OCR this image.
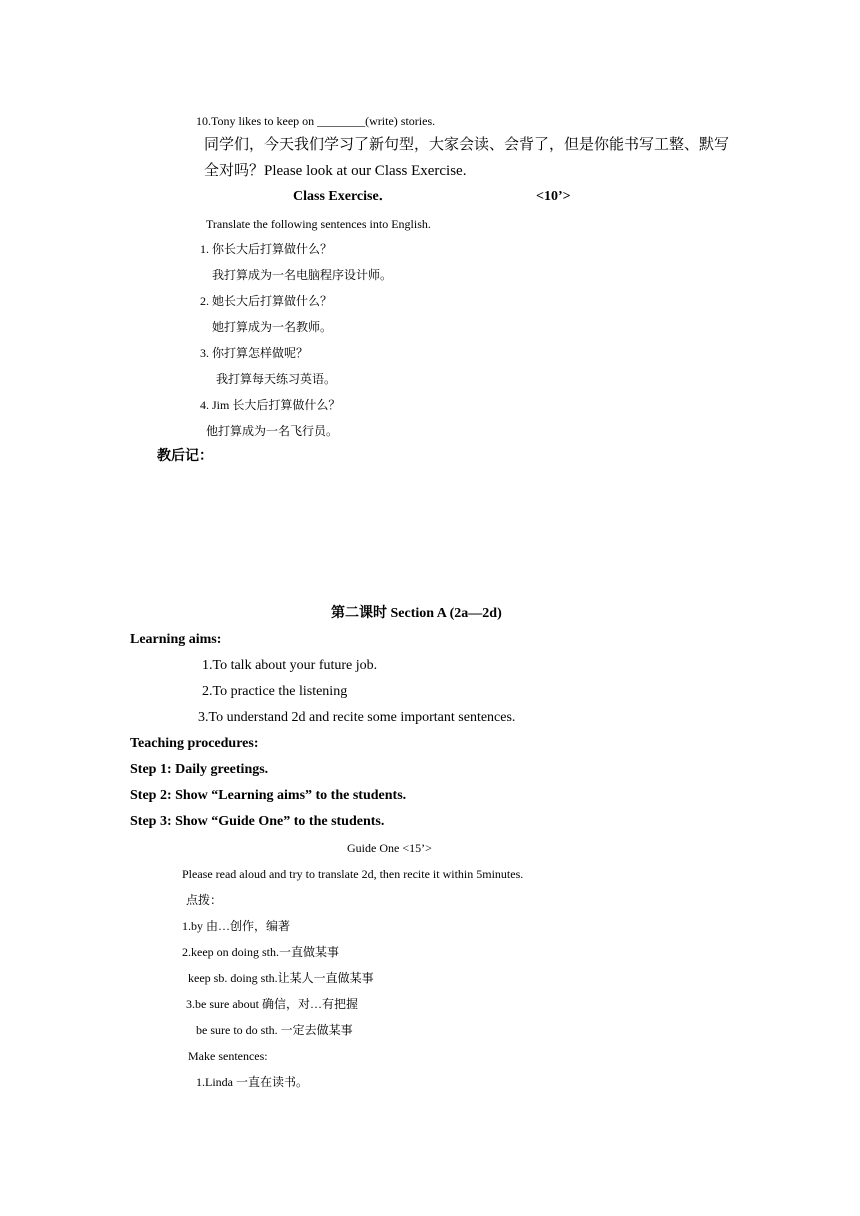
10.Tony likes to keep on ________(write) stories.
同学们，今天我们学习了新句型，大家会读、会背了，但是你能书写工整、默写
全对吗？Please look at our Class Exercise.
Class Exercise．	<10’>
Translate the following sentences into English.
1. 你长大后打算做什么？
我打算成为一名电脑程序设计师。
2. 她长大后打算做什么？
她打算成为一名教师。
3. 你打算怎样做呢？
我打算每天练习英语。
4. Jim 长大后打算做什么？
他打算成为一名飞行员。
教后记：
第二课时 Section A (2a—2d)
Learning aims:
1.To talk about your future job.
2.To practice the listening
3.To understand 2d and recite some important sentences.
Teaching procedures:
Step 1: Daily greetings.
Step 2: Show “Learning aims” to the students.
Step 3: Show “Guide One” to the students.
Guide One <15’>
Please read aloud and try to translate 2d, then recite it within 5minutes.
点拨：
1.by 由…创作，编著
2.keep on doing sth.一直做某事
keep sb. doing sth.让某人一直做某事
3.be sure about 确信，对…有把握
be sure to do sth. 一定去做某事
Make sentences:
1.Linda 一直在读书。
